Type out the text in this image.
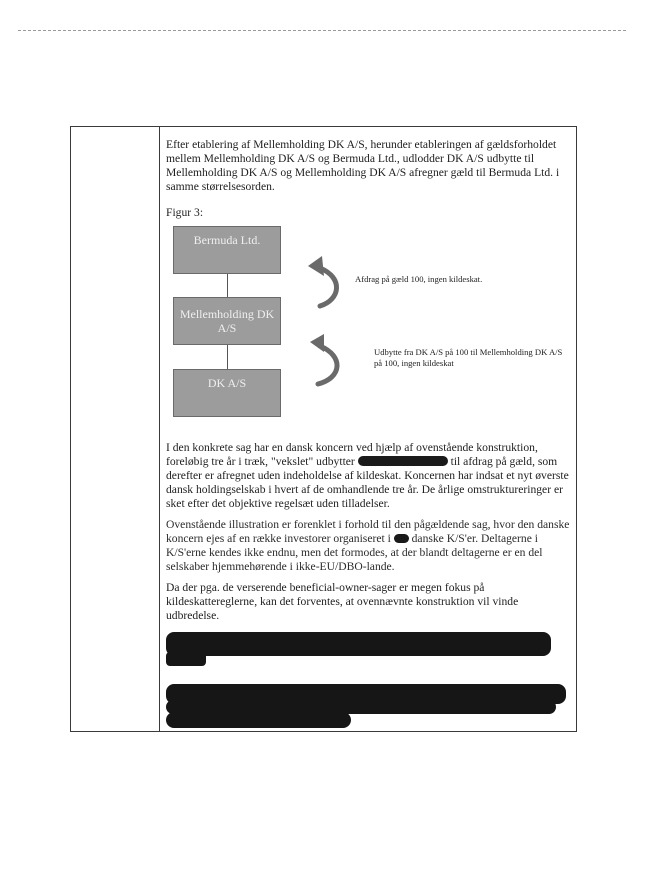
Efter etablering af Mellemholding DK A/S, herunder etableringen af gældsforholdet mellem Mellemholding DK A/S og Bermuda Ltd., udlodder DK A/S udbytte til Mellemholding DK A/S og Mellemholding DK A/S afregner gæld til Bermuda Ltd. i samme størrelsesorden.

Figur 3:
Bermuda Ltd.
Mellemholding DK A/S
DK A/S
Afdrag på gæld 100, ingen kildeskat.
Udbytte fra DK A/S på 100 til Mellemholding DK A/S på 100, ingen kildeskat

I den konkrete sag har en dansk koncern ved hjælp af ovenstående konstruktion, foreløbig tre år i træk, "vekslet" udbytter	til afdrag på gæld, som derefter er afregnet uden indeholdelse af kildeskat. Koncernen har indsat et nyt øverste dansk holdingselskab i hvert af de omhandlende tre år. De årlige omstruktureringer er sket efter det objektive regelsæt uden tilladelser.

Ovenstående illustration er forenklet i forhold til den pågældende sag, hvor den danske koncern ejes af en række investorer organiseret i danske K/S'er. Deltagerne i K/S'erne kendes ikke endnu, men det formodes, at der blandt deltagerne er en del selskaber hjemmehørende i ikke-EU/DBO-lande.

Da der pga. de verserende beneficial-owner-sager er megen fokus på kildeskattereglerne, kan det forventes, at ovennævnte konstruktion vil vinde udbredelse.
